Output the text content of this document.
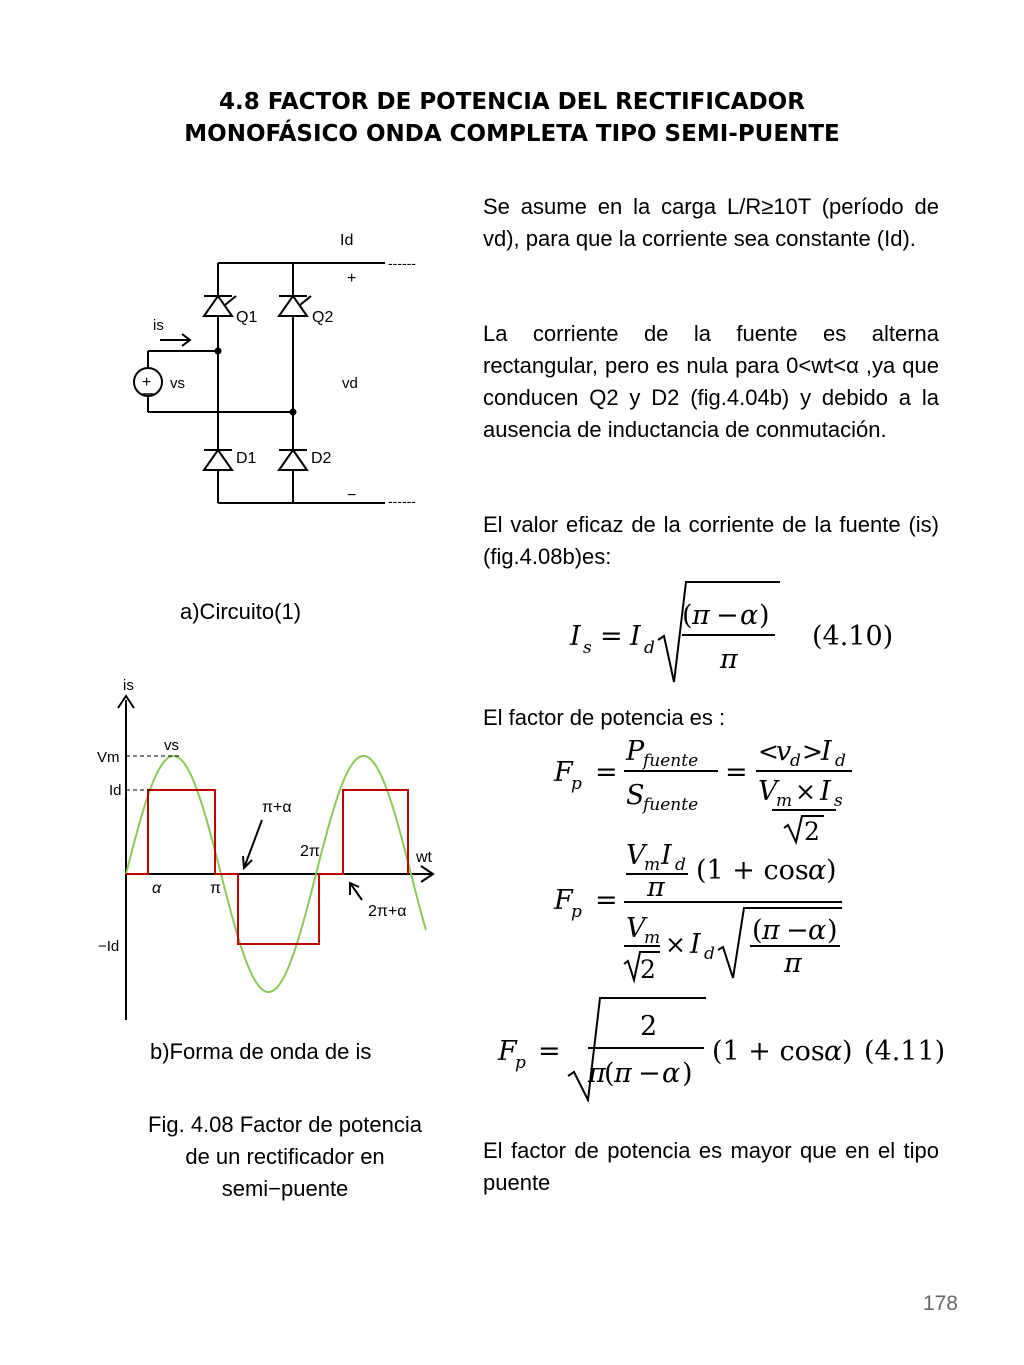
4.8 FACTOR DE POTENCIA DEL RECTIFICADOR
MONOFÁSICO ONDA COMPLETA TIPO SEMI-PUENTE
Id
+
−
------
------
Q1	Q2
D1	D2
is
vs	vd
+
a)Circuito(1)
is
vs
Vm
Id
−Id
π+α
2π	wt
α	π
2π+α
b)Forma de onda de is
Fig. 4.08 Factor de potencia
de un rectificador en
semi−puente
Se asume en la carga L/R≥10T (período de vd), para que la corriente sea constante (Id).
La corriente de la fuente es alterna rectangular, pero es nula para 0<wt<α ,ya que conducen Q2 y D2 (fig.4.04b) y debido a la ausencia de inductancia de conmutación.
El valor eficaz de la corriente de la fuente (is) (fig.4.08b)es:
I s = I d
( π − α )
π
(4.10)
El factor de potencia es :
F
p =
P
fuente
S
fuente
=
<
v
d >
I d
V
m × I s
2
F
p =
V
m I d
π
(1 + cos α )
V
m
2
× I d
( π − α )
π
F
p =
2
π
( π − α )
(1 + cos α ) (4.11)
El factor de potencia es mayor que en el tipo puente
178
